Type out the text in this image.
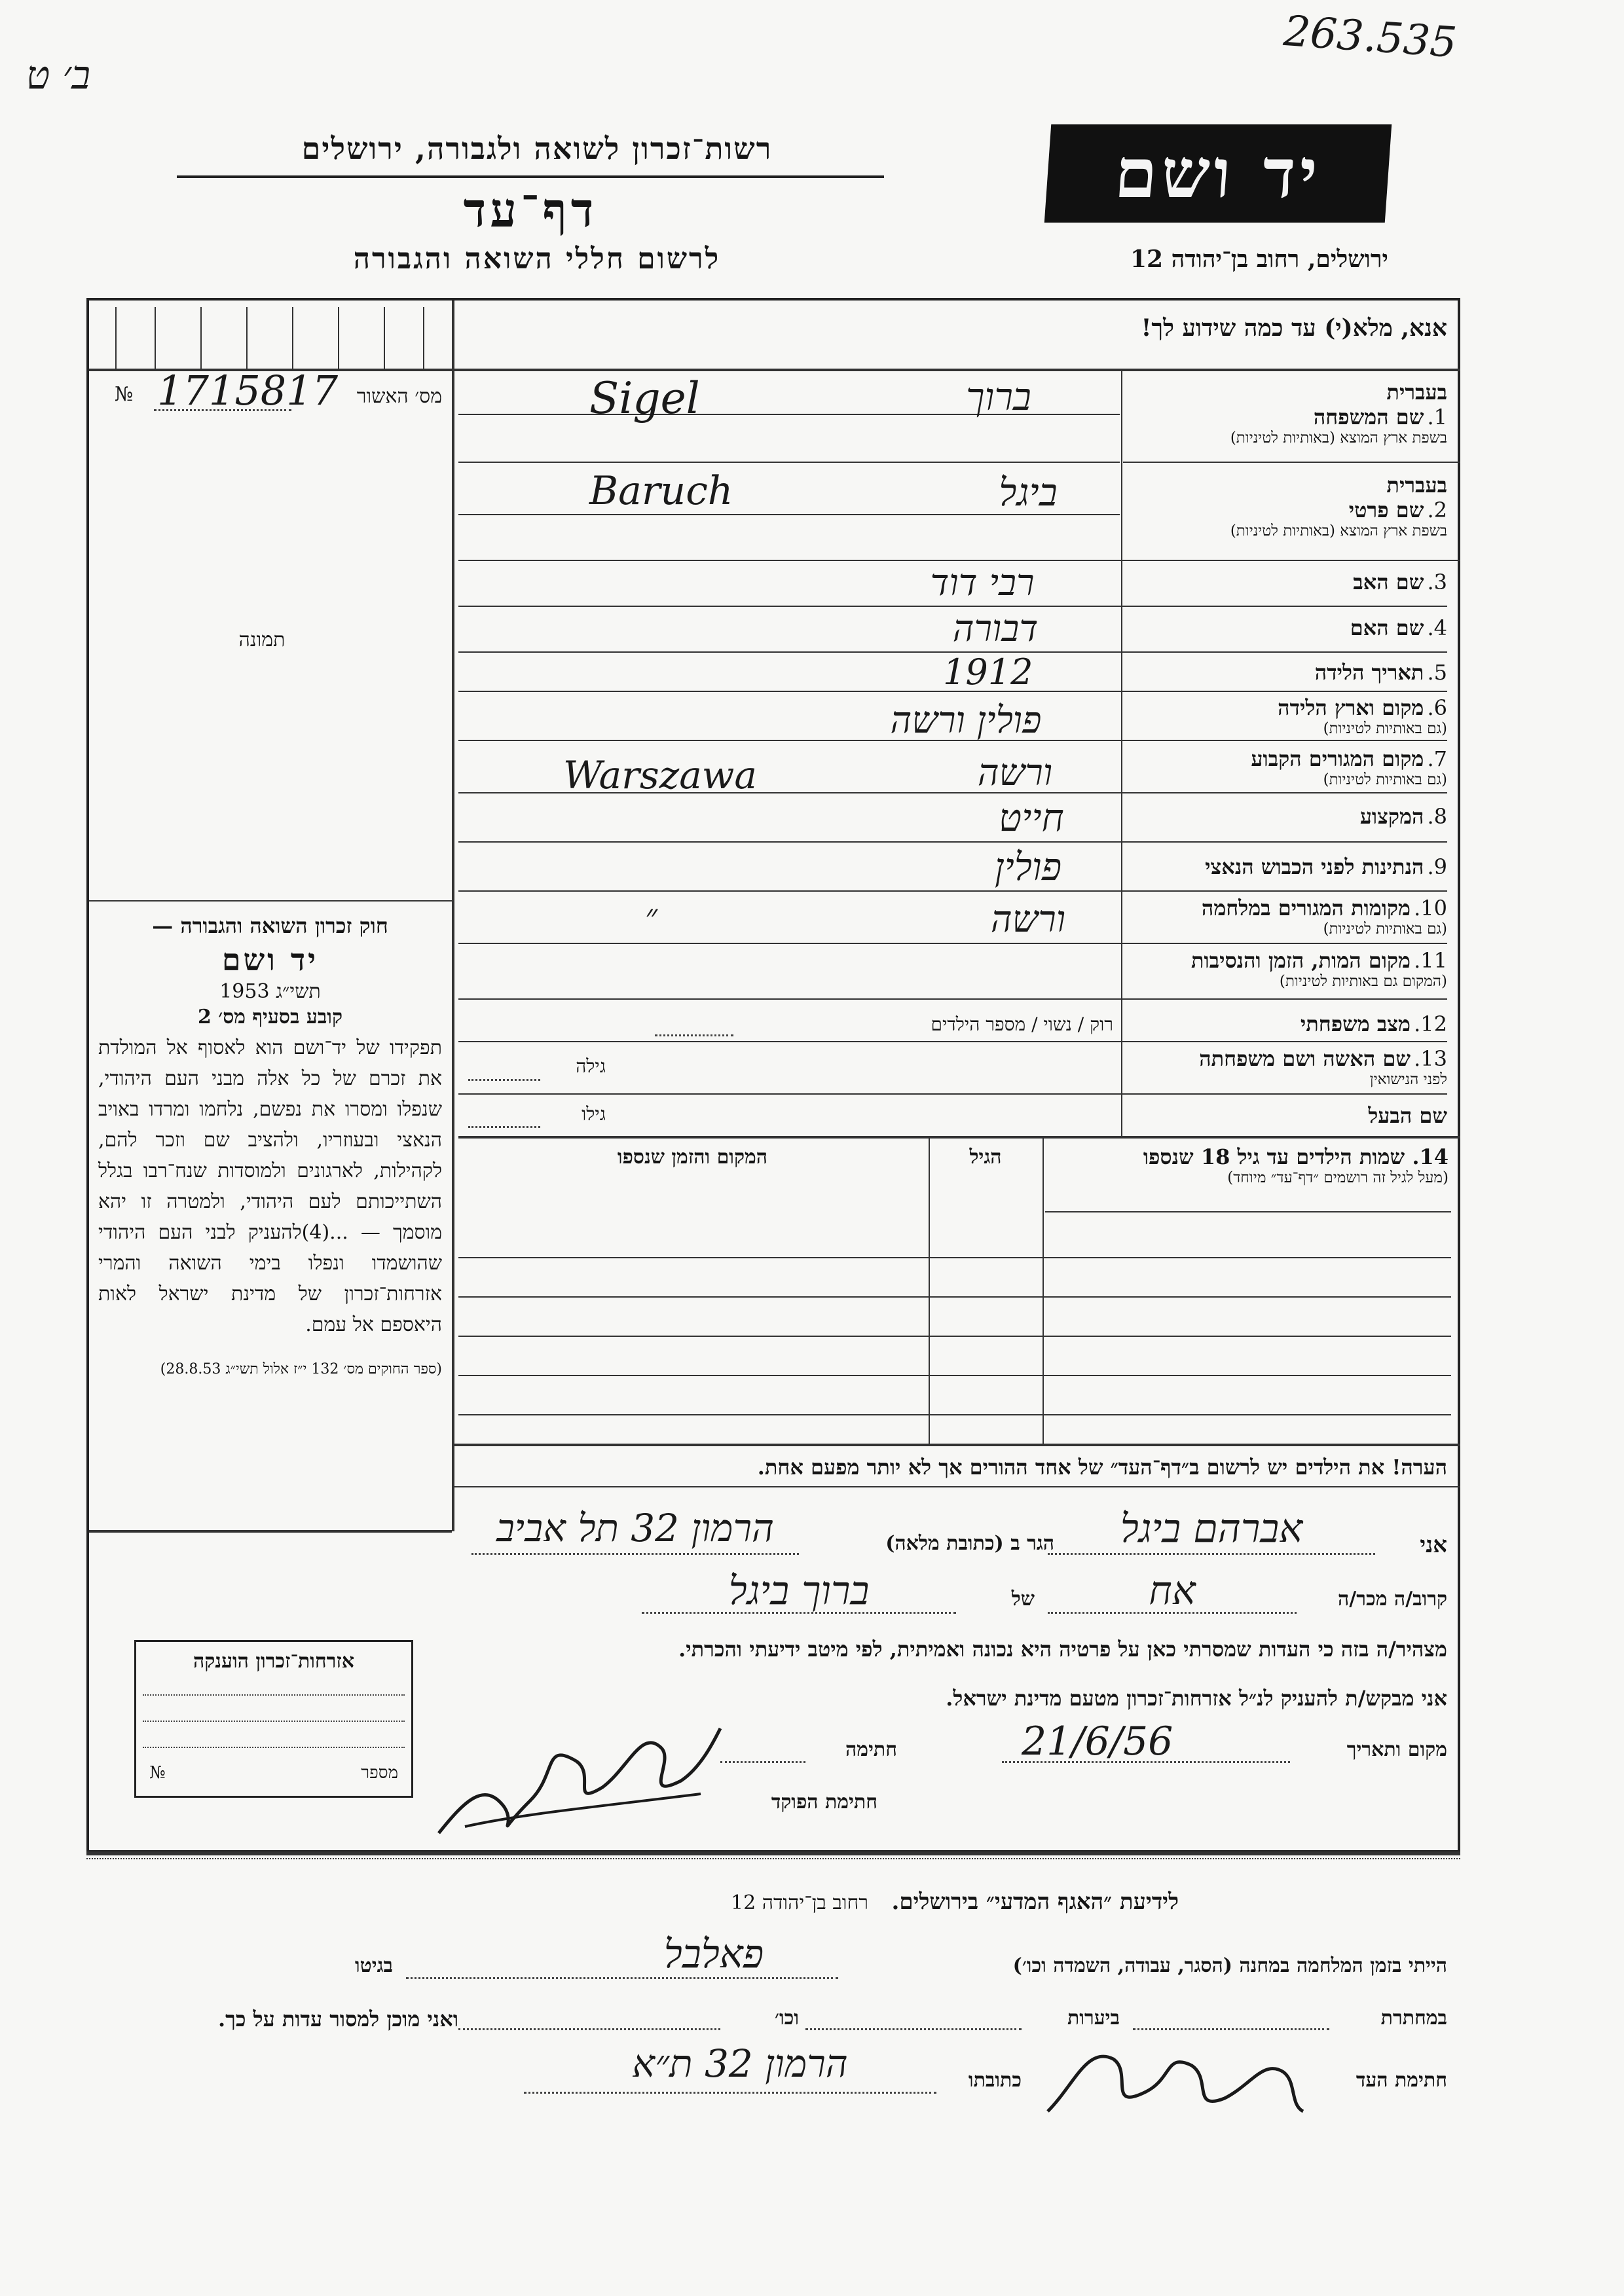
ב׳ ט
263.535
רשות־זכרון לשואה ולגבורה, ירושלים
דף־עד
לרשום חללי השואה והגבורה
יד ושם
ירושלים, רחוב בן־יהודה 12
אנא, מלא(י) עד כמה שידוע לך!
№ 1715817 מס׳ האשור
תמונה
בעברית
1. שם המשפחה
בשפת ארץ המוצא (באותיות לטיניות)
ברוך
Sigel
בעברית
2. שם פרטי
בשפת ארץ המוצא (באותיות לטיניות)
ביגל
Baruch
3. שם האב
רבי דוד
4. שם האם
דבורה
5. תאריך הלידה
1912
6. מקום וארץ הלידה
(גם באותיות לטיניות)
פולין ורשה
7. מקום המגורים הקבוע
(גם באותיות לטיניות)
ורשה
Warszawa
8. המקצוע
חייט
9. הנתינות לפני הכבוש הנאצי
פולין
10. מקומות המגורים במלחמה
(גם באותיות לטיניות)
ורשה
״
11. מקום המות, הזמן והנסיבות
(המקום גם באותיות לטיניות)
12. מצב משפחתי
רוק / נשוי / מספר הילדים
13. שם האשה ושם משפחתה
לפני הנישואין
גילה
שם הבעל
גילו
14. שמות הילדים עד גיל 18 שנספו
(מעל לגיל זה רושמים ״דף־עד״ מיוחד)
הגיל
המקום והזמן שנספו
חוק זכרון השואה והגבורה —
יד ושם
תשי״ג 1953
קובע בסעיף מס׳ 2
תפקידו של יד־ושם הוא לאסוף אל המולדת את זכרם של כל אלה מבני העם היהודי, שנפלו ומסרו את נפשם, נלחמו ומרדו באויב הנאצי ובעוזריו, ולהציב שם וזכר להם, לקהילות, לארגונים ולמוסדות שנח־רבו בגלל השתייכותם לעם היהודי, ולמטרה זו יהא מוסמך — ...(4)להעניק לבני העם היהודי שהושמדו ונפלו בימי השואה והמרי אזרחות־זכרון של מדינת ישראל לאות היאספם אל עמם.
(ספר החוקים מס׳ 132 י״ז אלול תשי״ג 28.8.53)
הערה! את הילדים יש לרשום ב״דף־העד״ של אחד ההורים אך לא יותר מפעם אחת.
אני
אברהם ביגל
הגר ב (כתובת מלאה)
הרמון 32 תל אביב
קרוב/ה מכר/ה
אח
של
ברוך ביגל
מצהיר/ה בזה כי העדות שמסרתי כאן על פרטיה היא נכונה ואמיתית, לפי מיטב ידיעתי והכרתי.
אני מבקש/ת להעניק לנ״ל אזרחות־זכרון מטעם מדינת ישראל.
מקום ותאריך
21/6/56
חתימה
חתימת הפוקד
אזרחות־זכרון הוענקה
מספר
№
לידיעת ״האגף המדעי״ בירושלים.   רחוב בן־יהודה 12
הייתי בזמן המלחמה במחנה (הסגר, עבודה, השמדה וכו׳)
פאלבל
בגיטו
במחתרת
ביערות
וכו׳
ואני מוכן למסור עדות על כך.
חתימת העד
כתובתו
הרמון 32 ת״א
